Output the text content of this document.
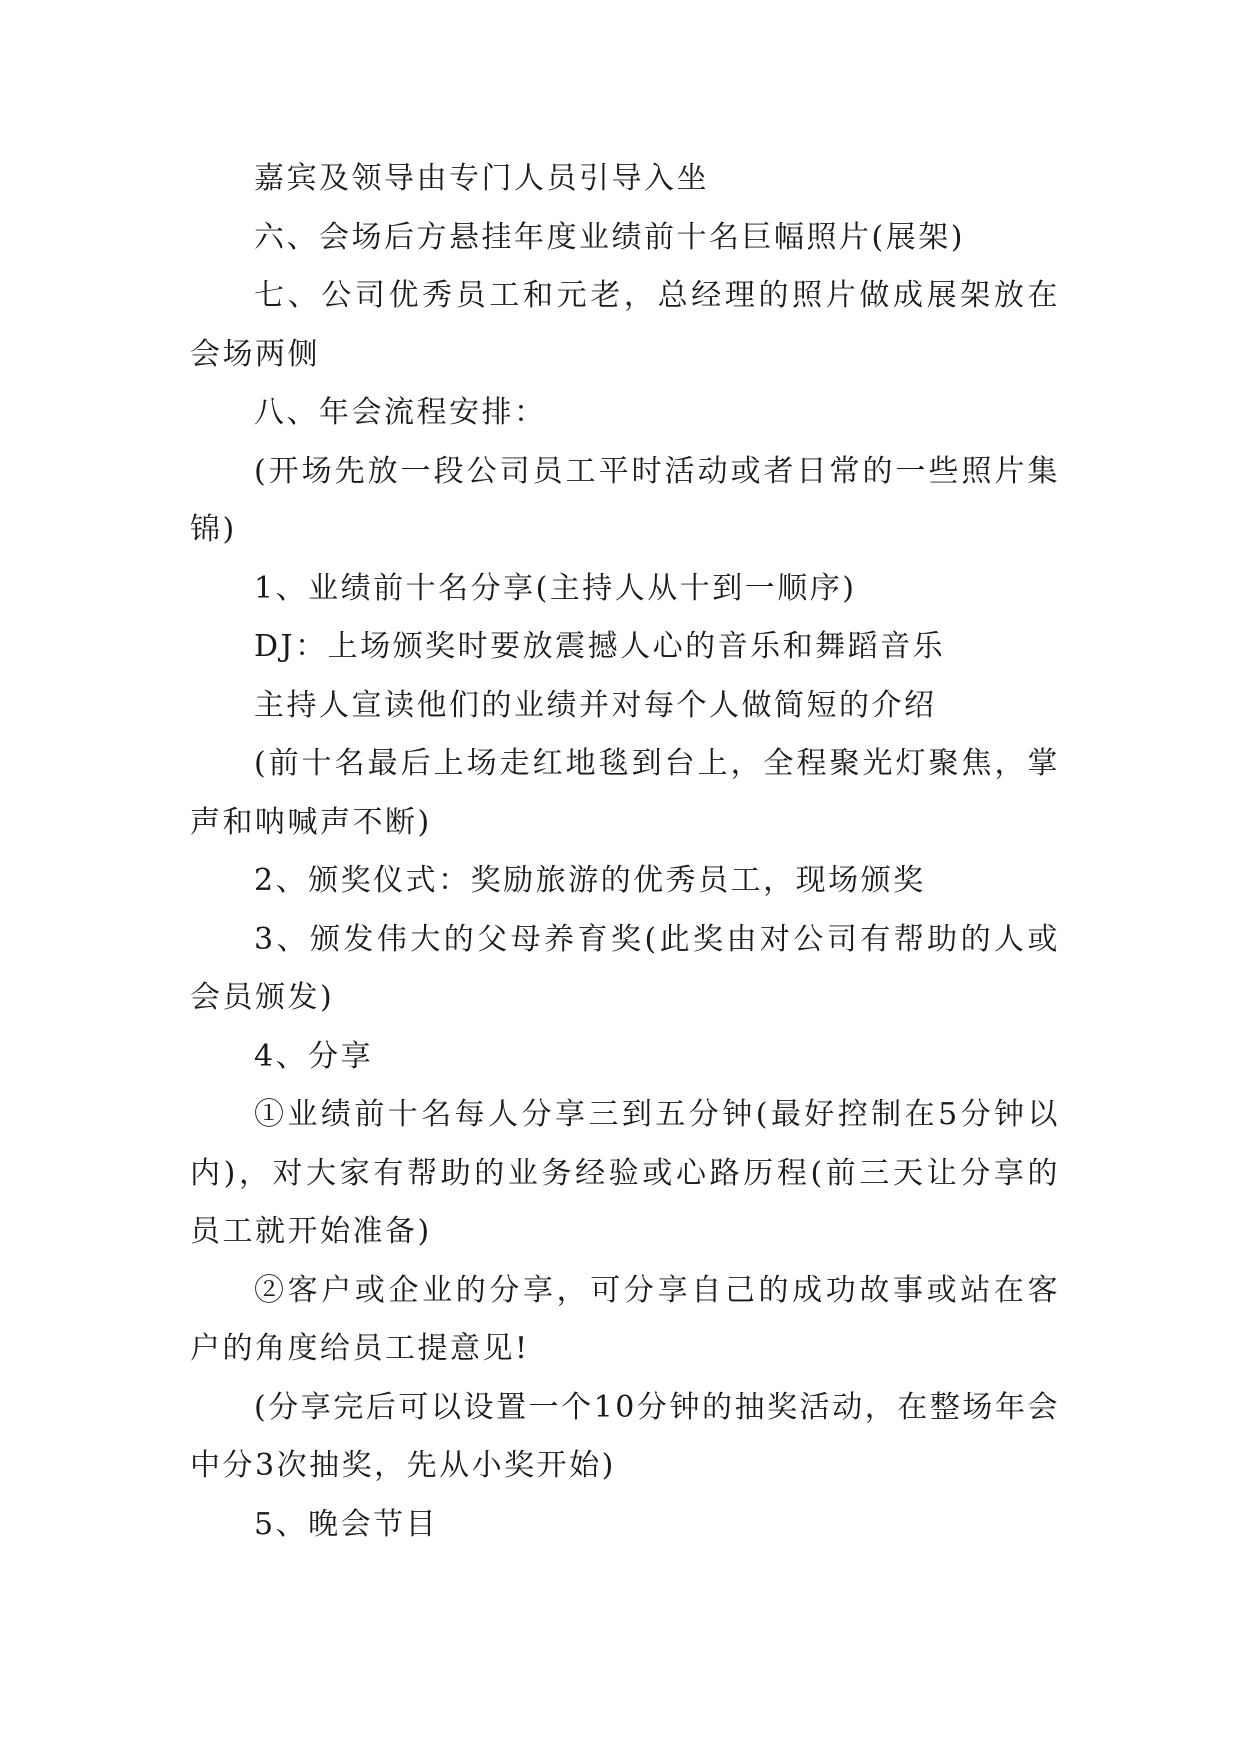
嘉宾及领导由专门人员引导入坐

六、会场后方悬挂年度业绩前十名巨幅照片(展架)

七、公司优秀员工和元老，总经理的照片做成展架放在会场两侧

八、年会流程安排：

(开场先放一段公司员工平时活动或者日常的一些照片集锦)

1、业绩前十名分享(主持人从十到一顺序)

DJ：上场颁奖时要放震撼人心的音乐和舞蹈音乐

主持人宣读他们的业绩并对每个人做简短的介绍

(前十名最后上场走红地毯到台上，全程聚光灯聚焦，掌声和呐喊声不断)

2、颁奖仪式：奖励旅游的优秀员工，现场颁奖

3、颁发伟大的父母养育奖(此奖由对公司有帮助的人或会员颁发)

4、分享

①业绩前十名每人分享三到五分钟(最好控制在5分钟以内)，对大家有帮助的业务经验或心路历程(前三天让分享的员工就开始准备)

②客户或企业的分享，可分享自己的成功故事或站在客户的角度给员工提意见!

(分享完后可以设置一个10分钟的抽奖活动，在整场年会中分3次抽奖，先从小奖开始)

5、晚会节目
